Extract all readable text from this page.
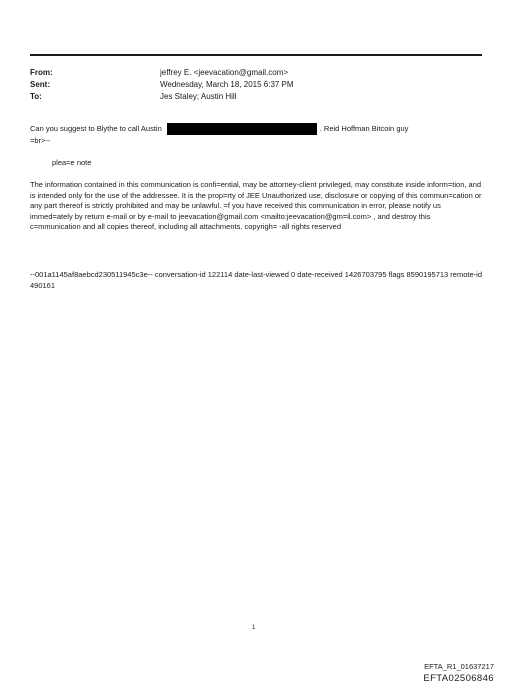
From:	jeffrey E. <jeevacation@gmail.com>
Sent:	Wednesday, March 18, 2015 6:37 PM
To:	Jes Staley; Austin Hill
Can you suggest to Blythe to call Austin	. Reid Hoffman Bitcoin guy
=br>--
plea=e note
The information contained in this communication is confi=ential, may be attorney-client privileged, may constitute inside inform=tion, and is intended only for the use of the addressee. It is the prop=rty of JEE Unauthorized use, disclosure or copying of this commun=cation or any part thereof is strictly prohibited and may be unlawful. =f you have received this communication in error, please notify us immed=ately by return e-mail or by e-mail to jeevacation@gmail.com <mailto:jeevacation@gm=il.com> , and destroy this c=mmunication and all copies thereof, including all attachments. copyrigh= -all rights reserved
--001a1145af8aebcd230511945c3e-- conversation-id 122114 date-last-viewed 0 date-received 1426703795 flags 8590195713 remote-id 490161
1
EFTA_R1_01637217
EFTA02506846
